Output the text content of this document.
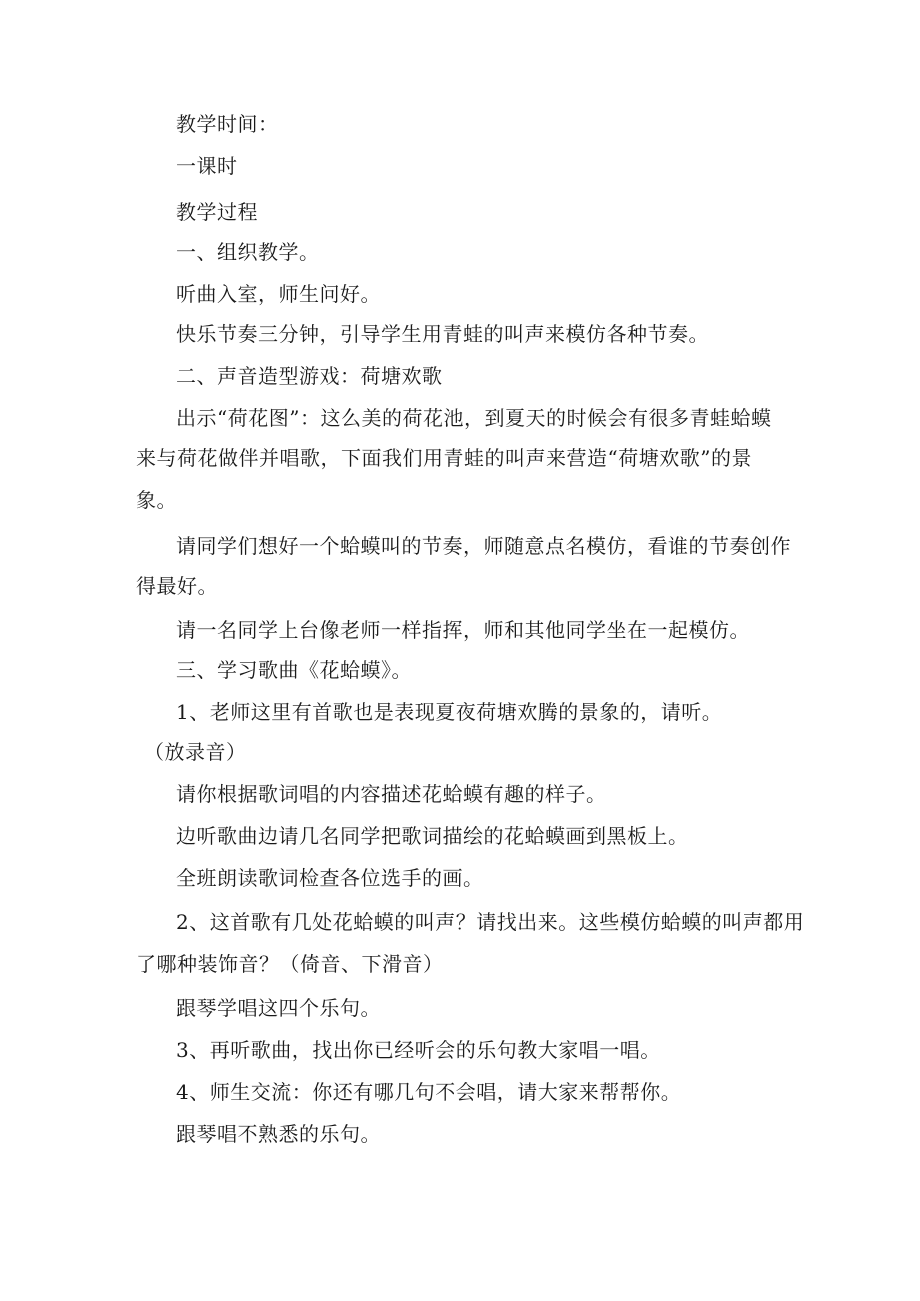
教学时间：
一课时
教学过程
一、组织教学。
听曲入室，师生问好。
快乐节奏三分钟，引导学生用青蛙的叫声来模仿各种节奏。
二、声音造型游戏：荷塘欢歌
出示“荷花图”：这么美的荷花池，到夏天的时候会有很多青蛙蛤蟆
来与荷花做伴并唱歌，下面我们用青蛙的叫声来营造“荷塘欢歌”的景
象。
请同学们想好一个蛤蟆叫的节奏，师随意点名模仿，看谁的节奏创作
得最好。
请一名同学上台像老师一样指挥，师和其他同学坐在一起模仿。
三、学习歌曲《花蛤蟆》。
1、老师这里有首歌也是表现夏夜荷塘欢腾的景象的，请听。
（放录音）
请你根据歌词唱的内容描述花蛤蟆有趣的样子。
边听歌曲边请几名同学把歌词描绘的花蛤蟆画到黑板上。
全班朗读歌词检查各位选手的画。
2、这首歌有几处花蛤蟆的叫声？请找出来。这些模仿蛤蟆的叫声都用
了哪种装饰音？（倚音、下滑音）
跟琴学唱这四个乐句。
3、再听歌曲，找出你已经听会的乐句教大家唱一唱。
4、师生交流：你还有哪几句不会唱，请大家来帮帮你。
跟琴唱不熟悉的乐句。
